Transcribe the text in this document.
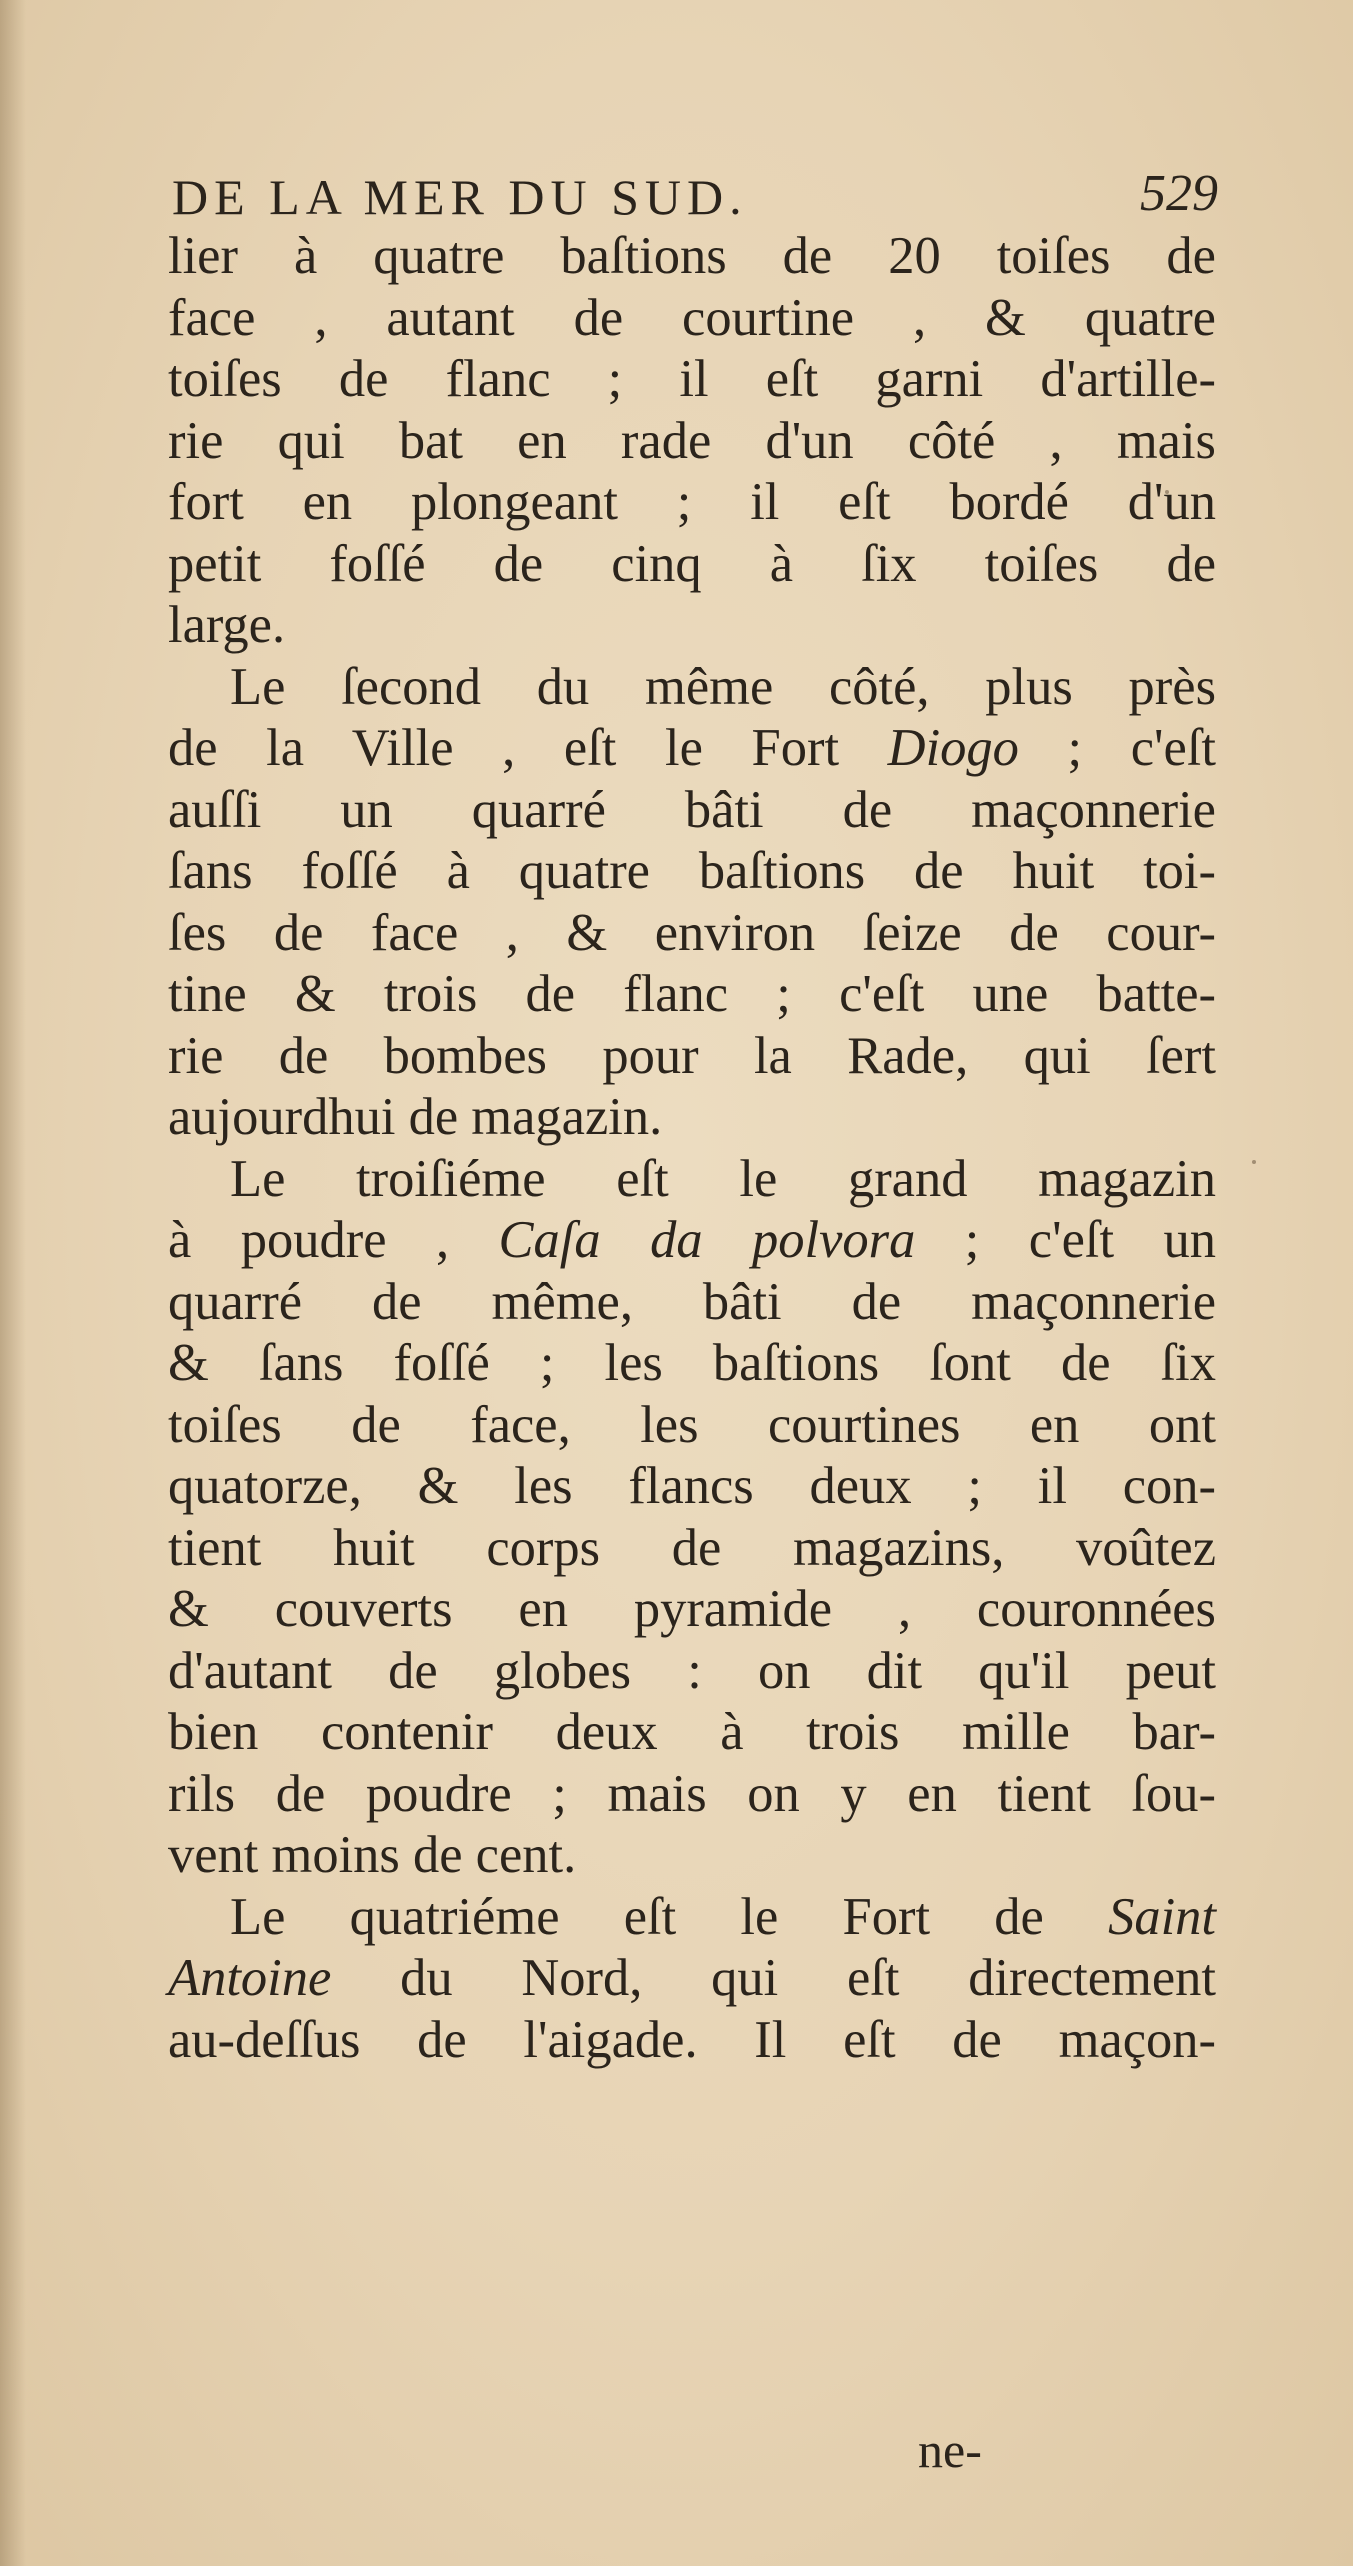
DE LA MER DU SUD.	529
lier à quatre baſtions de 20 toiſes de
face , autant de courtine , & quatre
toiſes de flanc ; il eſt garni d'artille-
rie qui bat en rade d'un côté , mais
fort en plongeant ; il eſt bordé d'un
petit foſſé de cinq à ſix toiſes de
large.
Le ſecond du même côté, plus près
de la Ville , eſt le Fort Diogo ; c'eſt
auſſi un quarré bâti de maçonnerie
ſans foſſé à quatre baſtions de huit toi-
ſes de face , & environ ſeize de cour-
tine & trois de flanc ; c'eſt une batte-
rie de bombes pour la Rade, qui ſert
aujourdhui de magazin.
Le troiſiéme eſt le grand magazin
à poudre , Caſa da polvora ; c'eſt un
quarré de même, bâti de maçonnerie
& ſans foſſé ; les baſtions ſont de ſix
toiſes de face, les courtines en ont
quatorze, & les flancs deux ; il con-
tient huit corps de magazins, voûtez
& couverts en pyramide , couronnées
d'autant de globes : on dit qu'il peut
bien contenir deux à trois mille bar-
rils de poudre ; mais on y en tient ſou-
vent moins de cent.
Le quatriéme eſt le Fort de Saint
Antoine du Nord, qui eſt directement
au-deſſus de l'aigade. Il eſt de maçon-
ne-
